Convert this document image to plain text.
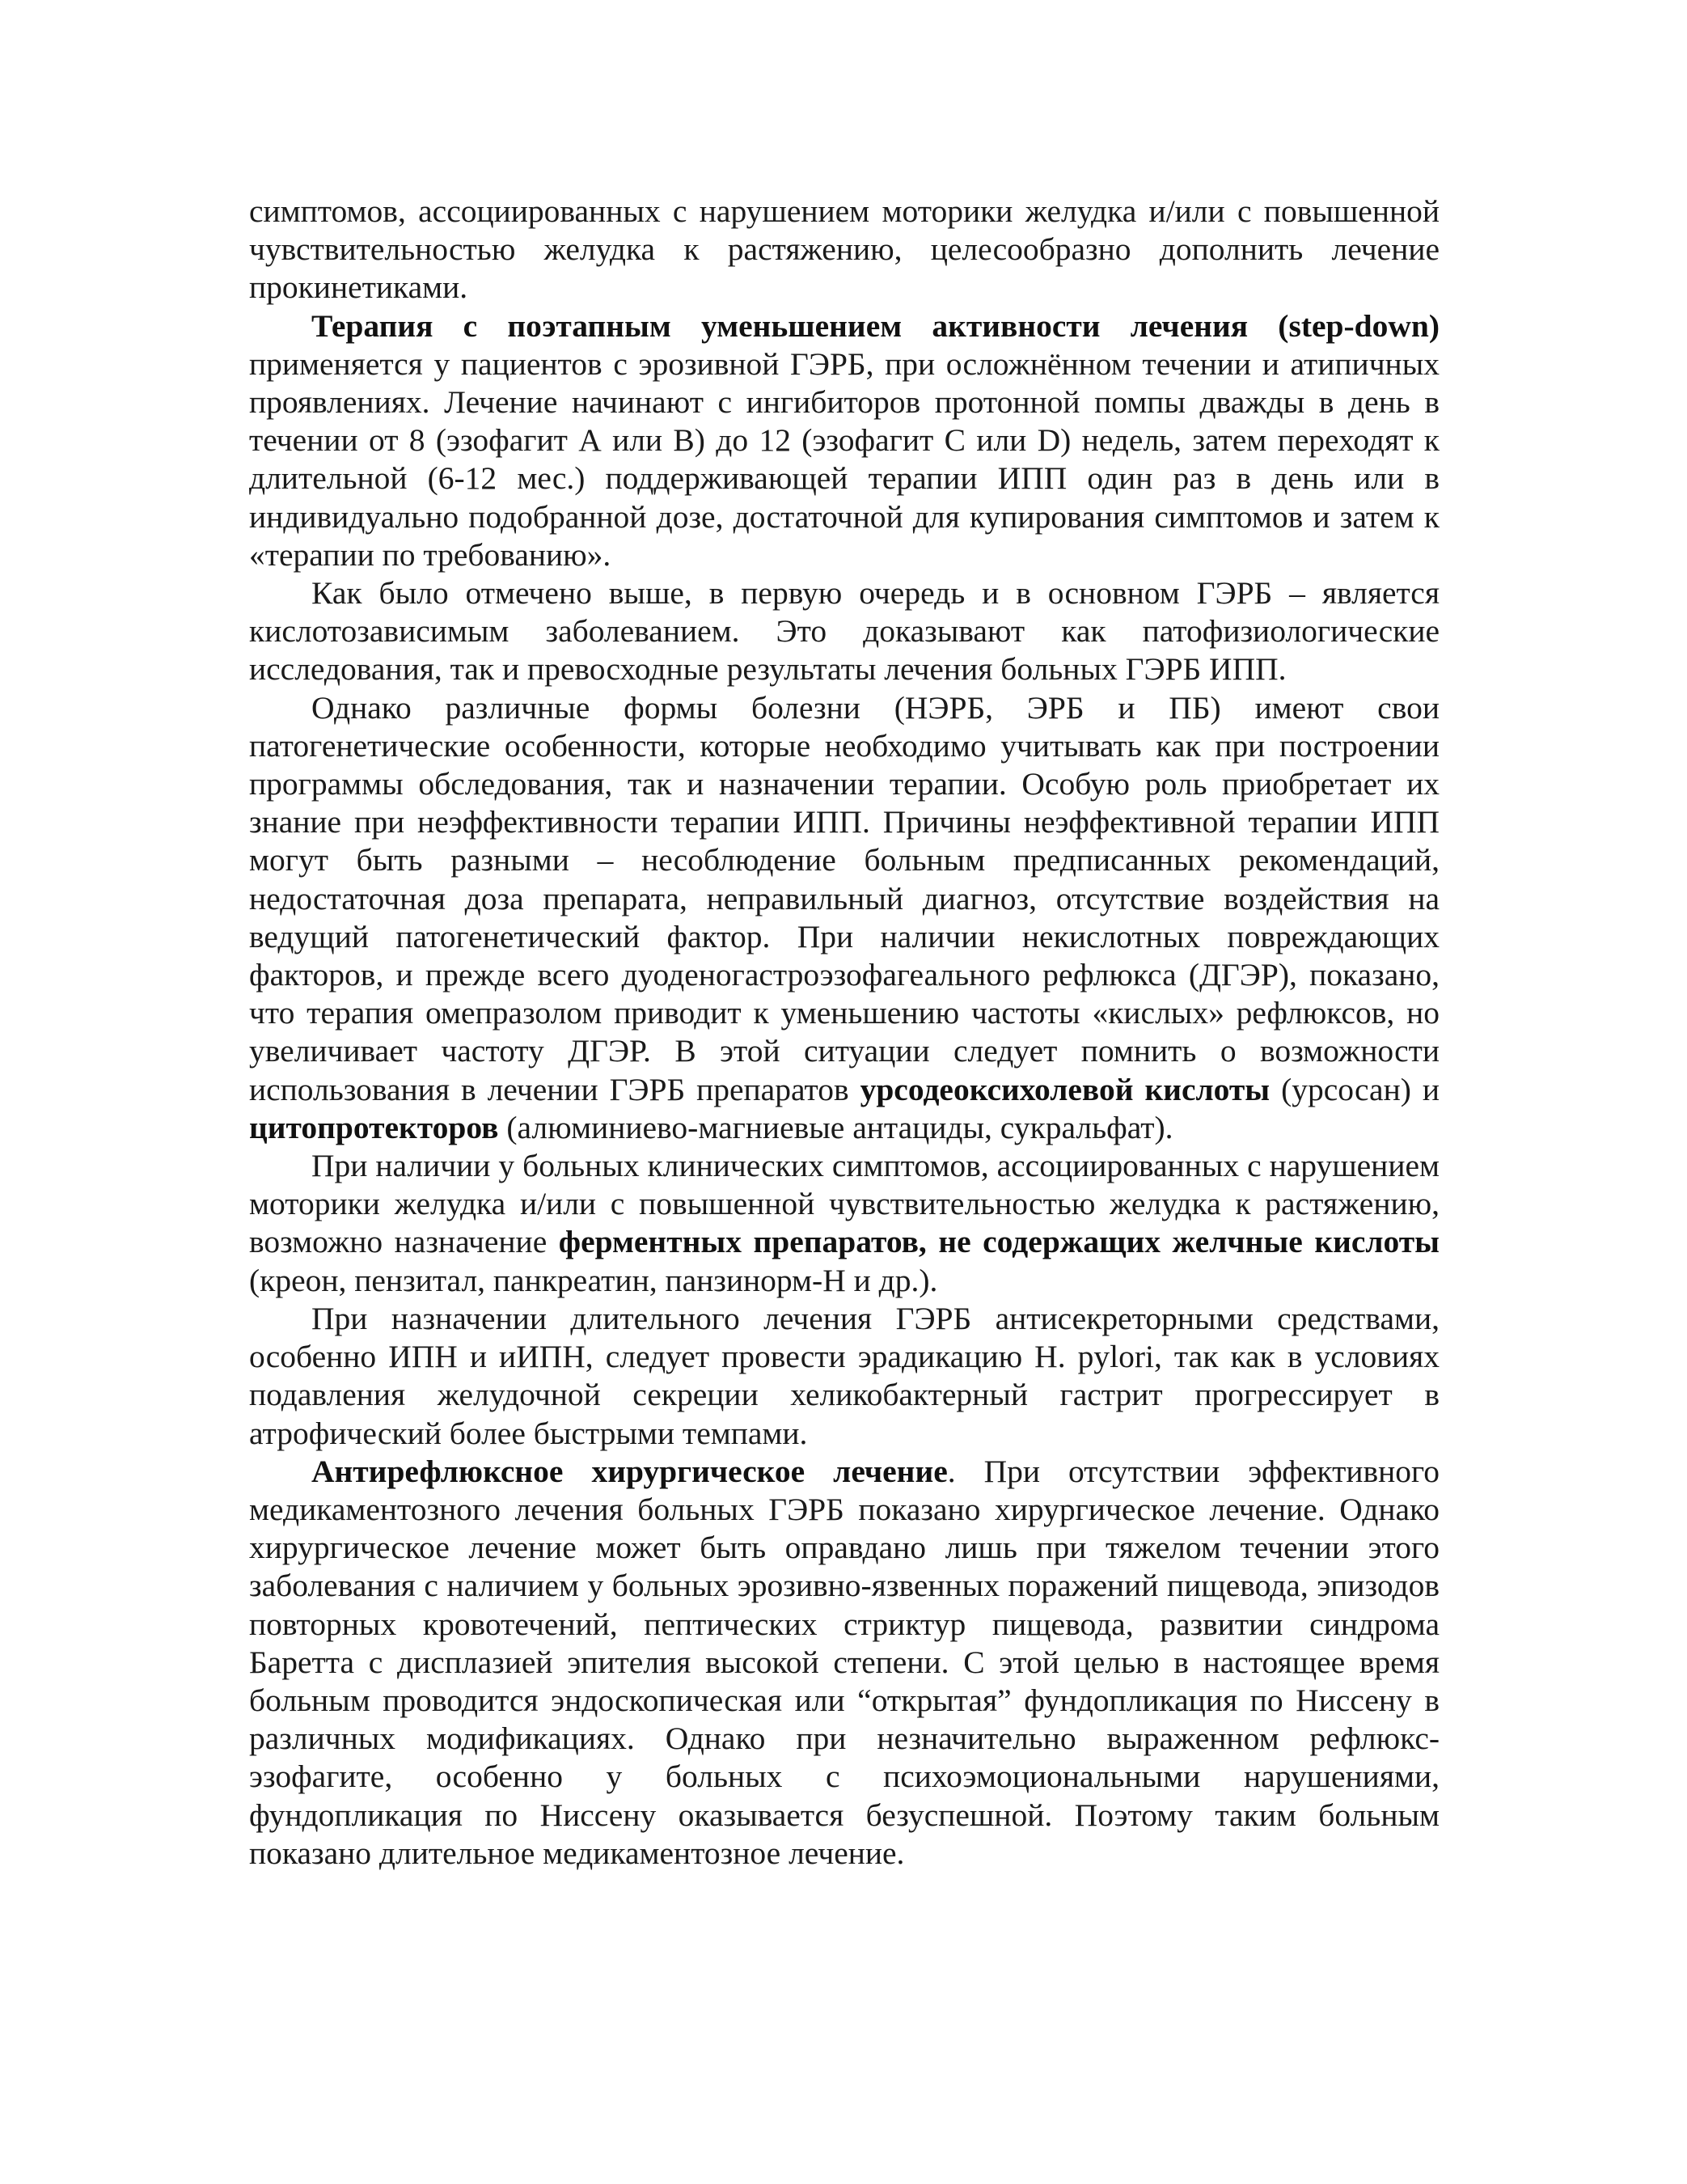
симптомов, ассоциированных с нарушением моторики желудка и/или с повышенной чувствительностью желудка к растяжению, целесообразно дополнить лечение прокинетиками.

Терапия с поэтапным уменьшением активности лечения (step-down) применяется у пациентов с эрозивной ГЭРБ, при осложнённом течении и атипичных проявлениях. Лечение начинают с ингибиторов протонной помпы дважды в день в течении от 8 (эзофагит А или В) до 12 (эзофагит С или D) недель, затем переходят к длительной (6-12 мес.) поддерживающей терапии ИПП один раз в день или в индивидуально подобранной дозе, достаточной для купирования симптомов и затем к «терапии по требованию».

Как было отмечено выше, в первую очередь и в основном ГЭРБ – является кислотозависимым заболеванием. Это доказывают как патофизиологические исследования, так и превосходные результаты лечения больных ГЭРБ ИПП.

Однако различные формы болезни (НЭРБ, ЭРБ и ПБ) имеют свои патогенетические особенности, которые необходимо учитывать как при построении программы обследования, так и назначении терапии. Особую роль приобретает их знание при неэффективности терапии ИПП. Причины неэффективной терапии ИПП могут быть разными – несоблюдение больным предписанных рекомендаций, недостаточная доза препарата, неправильный диагноз, отсутствие воздействия на ведущий патогенетический фактор. При наличии некислотных повреждающих факторов, и прежде всего дуоденогастроэзофагеального рефлюкса (ДГЭР), показано, что терапия омепразолом приводит к уменьшению частоты «кислых» рефлюксов, но увеличивает частоту ДГЭР. В этой ситуации следует помнить о возможности использования в лечении ГЭРБ препаратов урсодеоксихолевой кислоты (урсосан) и цитопротекторов (алюминиево-магниевые антациды, сукральфат).

При наличии у больных клинических симптомов, ассоциированных с нарушением моторики желудка и/или с повышенной чувствительностью желудка к растяжению, возможно назначение ферментных препаратов, не содержащих желчные кислоты (креон, пензитал, панкреатин, панзинорм-Н и др.).

При назначении длительного лечения ГЭРБ антисекреторными средствами, особенно ИПН и иИПН, следует провести эрадикацию H. pylori, так как в условиях подавления желудочной секреции хеликобактерный гастрит прогрессирует в атрофический более быстрыми темпами.

Антирефлюксное хирургическое лечение. При отсутствии эффективного медикаментозного лечения больных ГЭРБ показано хирургическое лечение. Однако хирургическое лечение может быть оправдано лишь при тяжелом течении этого заболевания с наличием у больных эрозивно-язвенных поражений пищевода, эпизодов повторных кровотечений, пептических стриктур пищевода, развитии синдрома Баретта с дисплазией эпителия высокой степени. С этой целью в настоящее время больным проводится эндоскопическая или “открытая” фундопликация по Ниссену в различных модификациях. Однако при незначительно выраженном рефлюкс-эзофагите, особенно у больных с психоэмоциональными нарушениями, фундопликация по Ниссену оказывается безуспешной. Поэтому таким больным показано длительное медикаментозное лечение.
